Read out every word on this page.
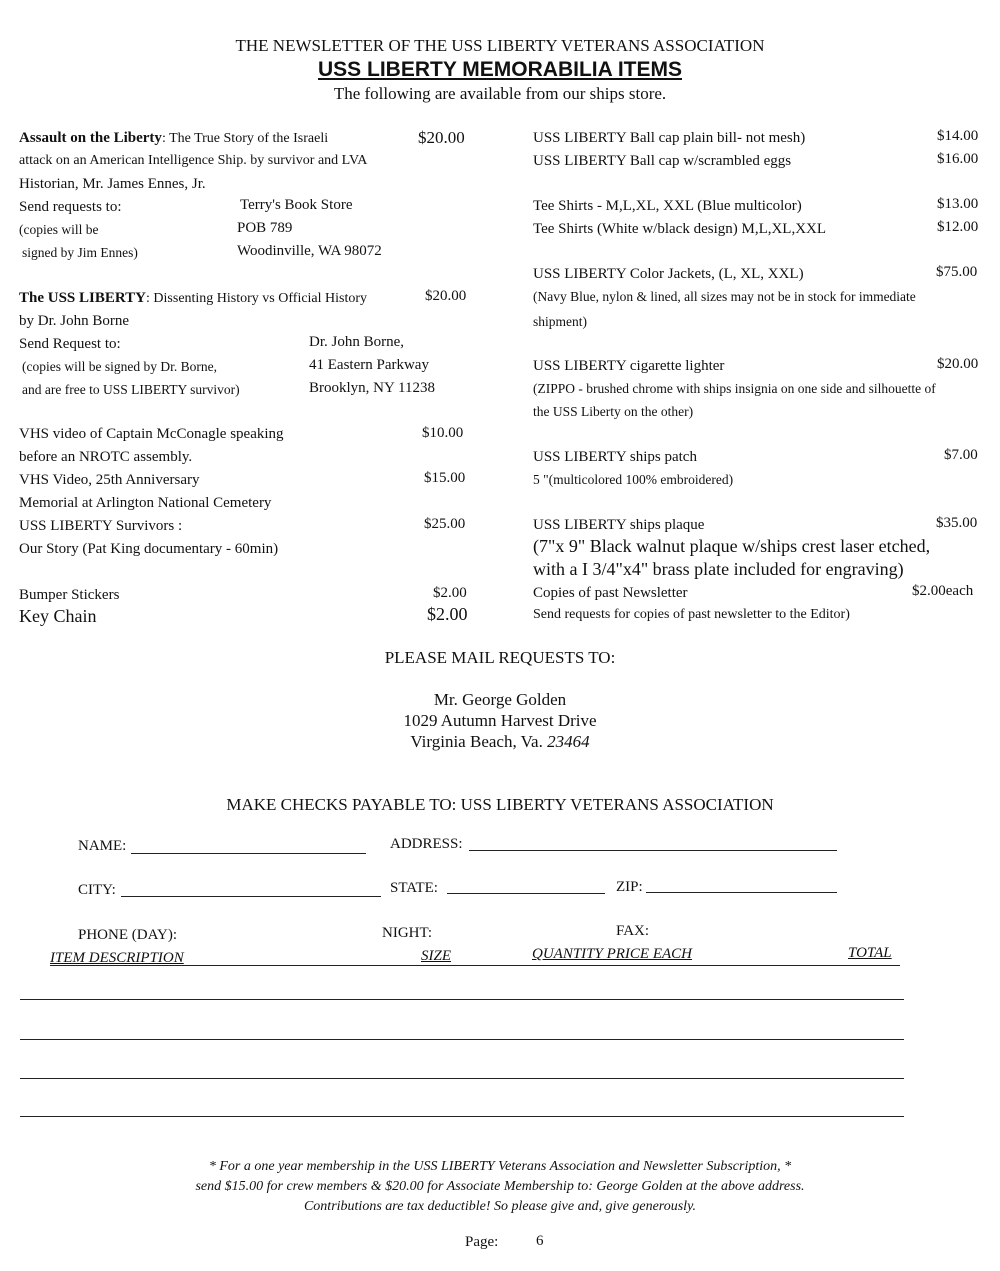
THE NEWSLETTER OF THE USS LIBERTY VETERANS ASSOCIATION
USS LIBERTY MEMORABILIA ITEMS
The following are available from our ships store.
Assault on the Liberty: The True Story of the Israeli	$20.00
attack on an American Intelligence Ship. by survivor and LVA
Historian, Mr. James Ennes, Jr.
Send requests to:
(copies will be
signed by Jim Ennes)
Terry's Book Store
POB 789
Woodinville, WA 98072
The USS LIBERTY: Dissenting History vs Official History	$20.00
by Dr. John Borne
Send Request to:
(copies will be signed by Dr. Borne,
and are free to USS LIBERTY survivor)
Dr. John Borne,
41 Eastern Parkway
Brooklyn, NY 11238
VHS video of Captain McConagle speaking	$10.00
before an NROTC assembly.
VHS Video, 25th Anniversary	$15.00
Memorial at Arlington National Cemetery
USS LIBERTY Survivors :	$25.00
Our Story (Pat King documentary - 60min)
Bumper Stickers	$2.00
Key Chain	$2.00
USS LIBERTY Ball cap plain bill- not mesh)	$14.00
USS LIBERTY Ball cap w/scrambled eggs	$16.00
Tee Shirts - M,L,XL, XXL (Blue multicolor)	$13.00
Tee Shirts (White w/black design) M,L,XL,XXL	$12.00
USS LIBERTY Color Jackets, (L, XL, XXL)	$75.00
(Navy Blue, nylon & lined, all sizes may not be in stock for immediate
shipment)
USS LIBERTY cigarette lighter	$20.00
(ZIPPO - brushed chrome with ships insignia on one side and silhouette of
the USS Liberty on the other)
USS LIBERTY ships patch	$7.00
5 "(multicolored 100% embroidered)
USS LIBERTY ships plaque	$35.00
(7"x 9" Black walnut plaque w/ships crest laser etched,
with a I 3/4"x4" brass plate included for engraving)
Copies of past Newsletter	$2.00each
Send requests for copies of past newsletter to the Editor)
PLEASE MAIL REQUESTS TO:
Mr. George Golden
1029 Autumn Harvest Drive
Virginia Beach, Va. 23464
MAKE CHECKS PAYABLE TO: USS LIBERTY VETERANS ASSOCIATION
NAME:	ADDRESS:
CITY:	STATE:	ZIP:
PHONE (DAY):	NIGHT:	FAX:
ITEM DESCRIPTION	SIZE	QUANTITY PRICE EACH	TOTAL
* For a one year membership in the USS LIBERTY Veterans Association and Newsletter Subscription, *
send $15.00 for crew members & $20.00 for Associate Membership to: George Golden at the above address.
Contributions are tax deductible! So please give and, give generously.
Page:	6
